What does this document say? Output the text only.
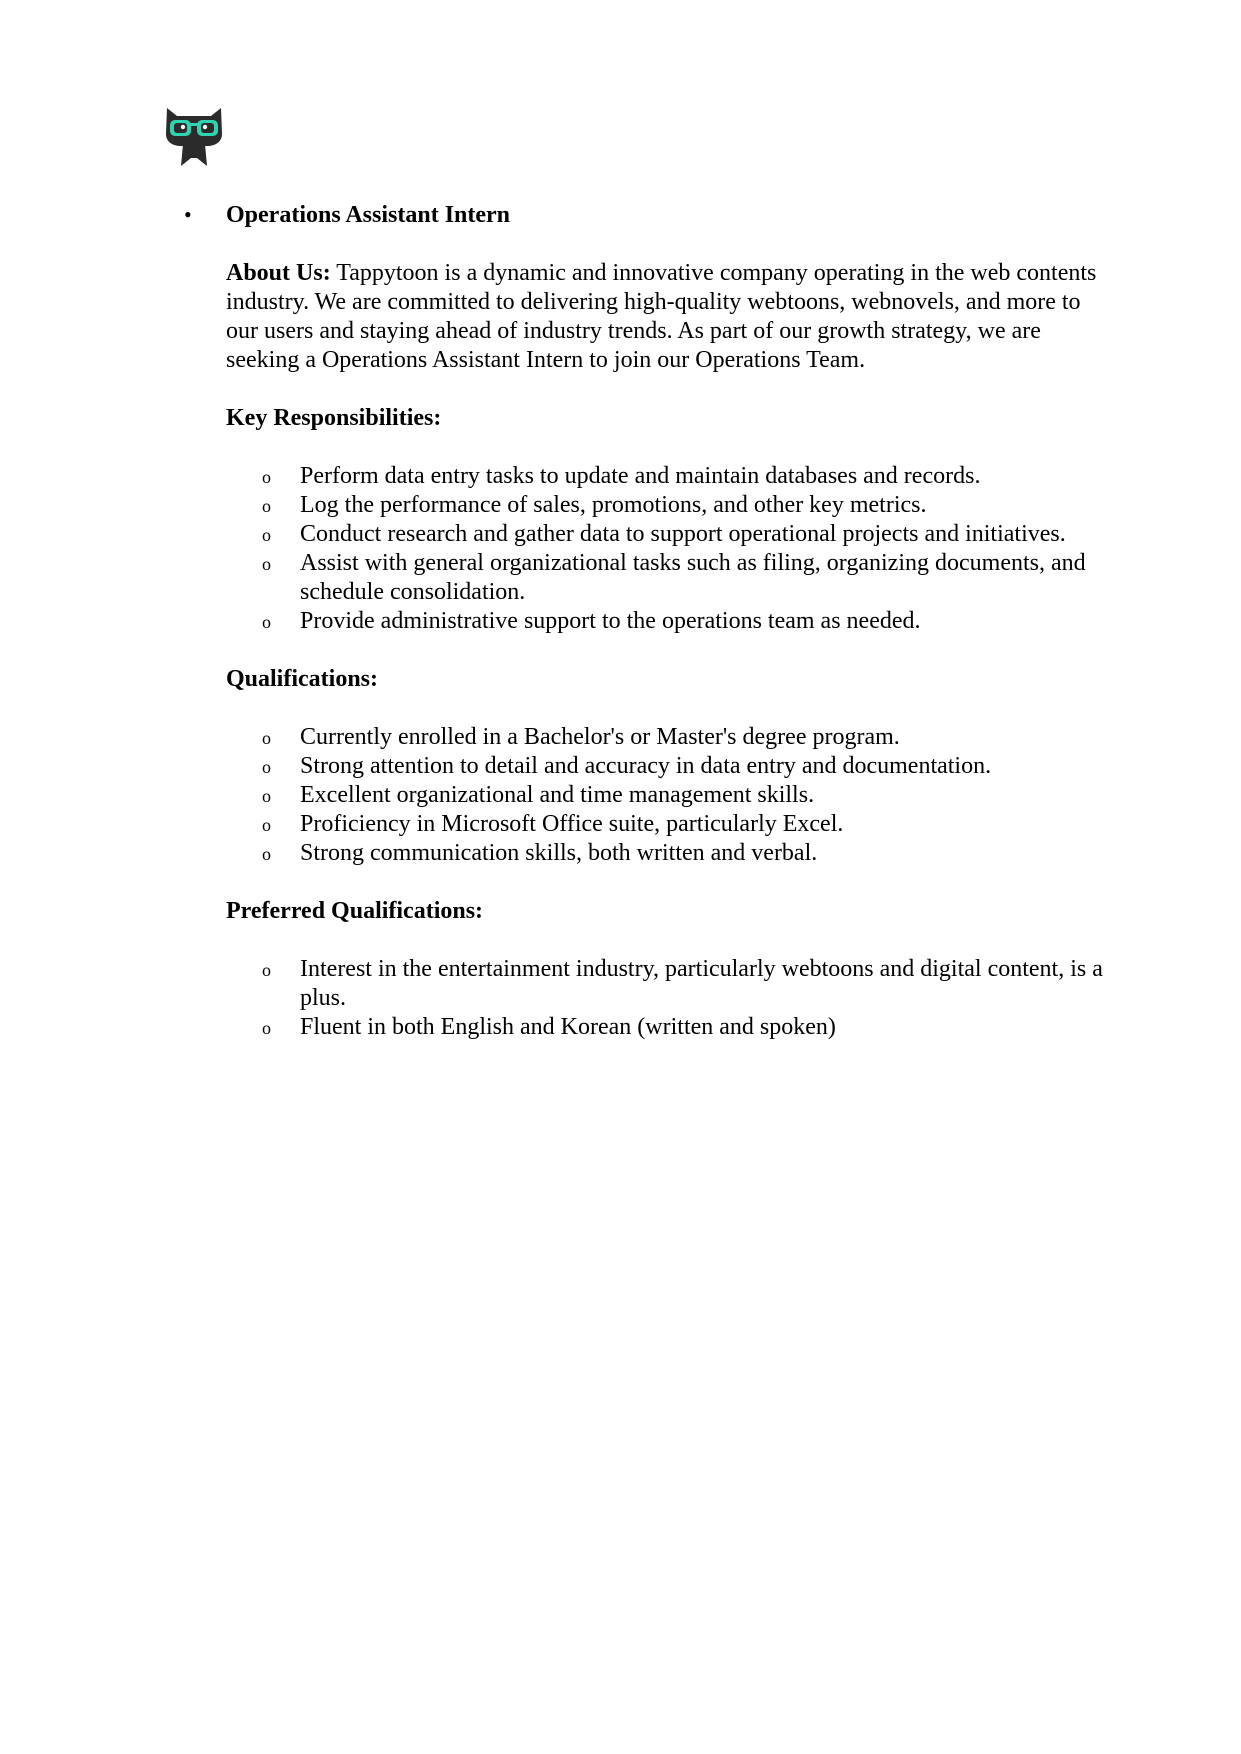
• Operations Assistant Intern

About Us: Tappytoon is a dynamic and innovative company operating in the web contents industry. We are committed to delivering high-quality webtoons, webnovels, and more to our users and staying ahead of industry trends. As part of our growth strategy, we are seeking a Operations Assistant Intern to join our Operations Team.

Key Responsibilities:

o Perform data entry tasks to update and maintain databases and records.
o Log the performance of sales, promotions, and other key metrics.
o Conduct research and gather data to support operational projects and initiatives.
o Assist with general organizational tasks such as filing, organizing documents, and schedule consolidation.
o Provide administrative support to the operations team as needed.

Qualifications:

o Currently enrolled in a Bachelor's or Master's degree program.
o Strong attention to detail and accuracy in data entry and documentation.
o Excellent organizational and time management skills.
o Proficiency in Microsoft Office suite, particularly Excel.
o Strong communication skills, both written and verbal.

Preferred Qualifications:

o Interest in the entertainment industry, particularly webtoons and digital content, is a plus.
o Fluent in both English and Korean (written and spoken)
